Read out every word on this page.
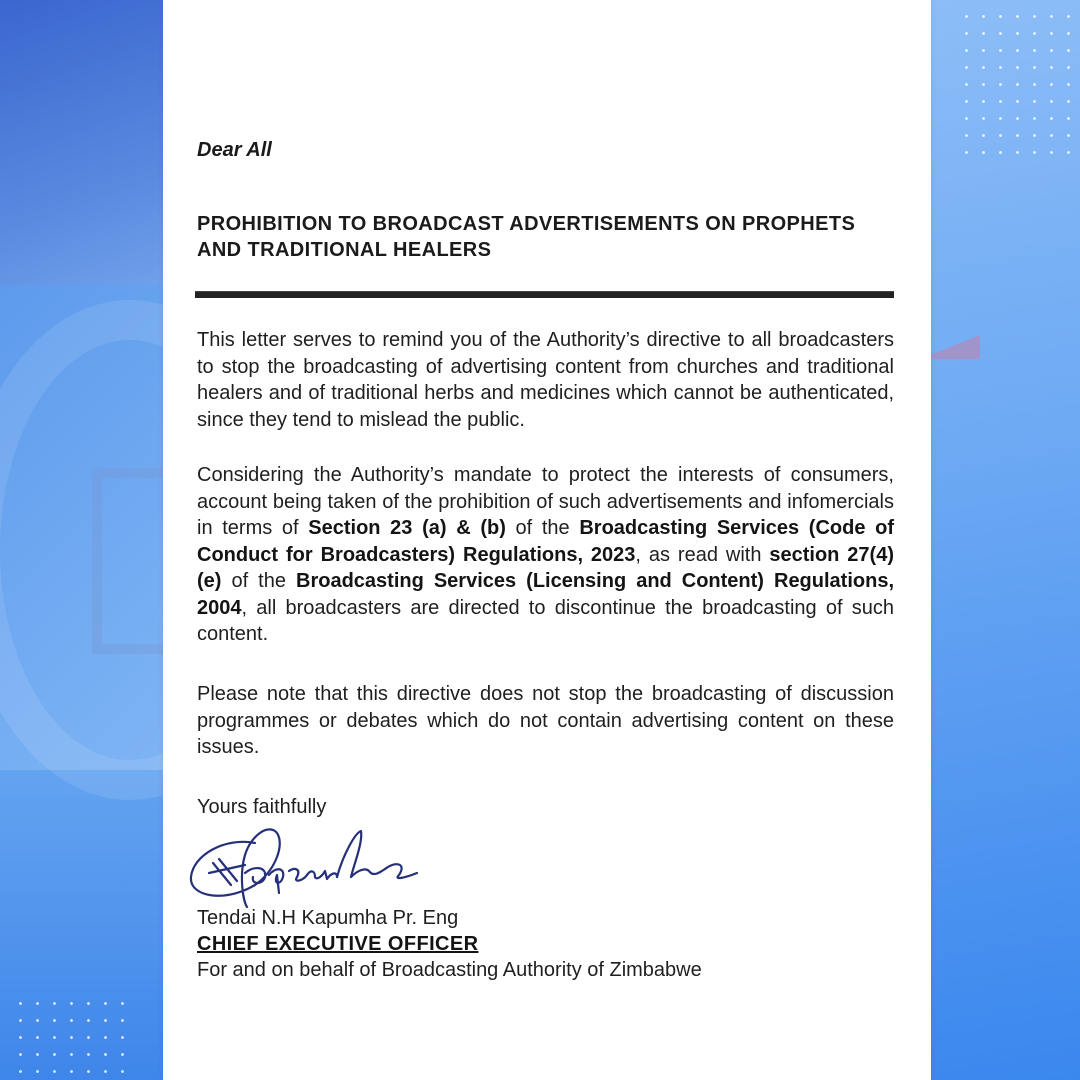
Dear All
PROHIBITION TO BROADCAST ADVERTISEMENTS ON PROPHETS AND TRADITIONAL HEALERS

This letter serves to remind you of the Authority’s directive to all broadcasters to stop the broadcasting of advertising content from churches and traditional healers and of traditional herbs and medicines which cannot be authenticated, since they tend to mislead the public.

Considering the Authority’s mandate to protect the interests of consumers, account being taken of the prohibition of such advertisements and infomercials in terms of Section 23 (a) & (b) of the Broadcasting Services (Code of Conduct for Broadcasters) Regulations, 2023, as read with section 27(4)(e) of the Broadcasting Services (Licensing and Content) Regulations, 2004, all broadcasters are directed to discontinue the broadcasting of such content.

Please note that this directive does not stop the broadcasting of discussion programmes or debates which do not contain advertising content on these issues.

Yours faithfully
Tendai N.H Kapumha Pr. Eng
CHIEF EXECUTIVE OFFICER
For and on behalf of Broadcasting Authority of Zimbabwe
